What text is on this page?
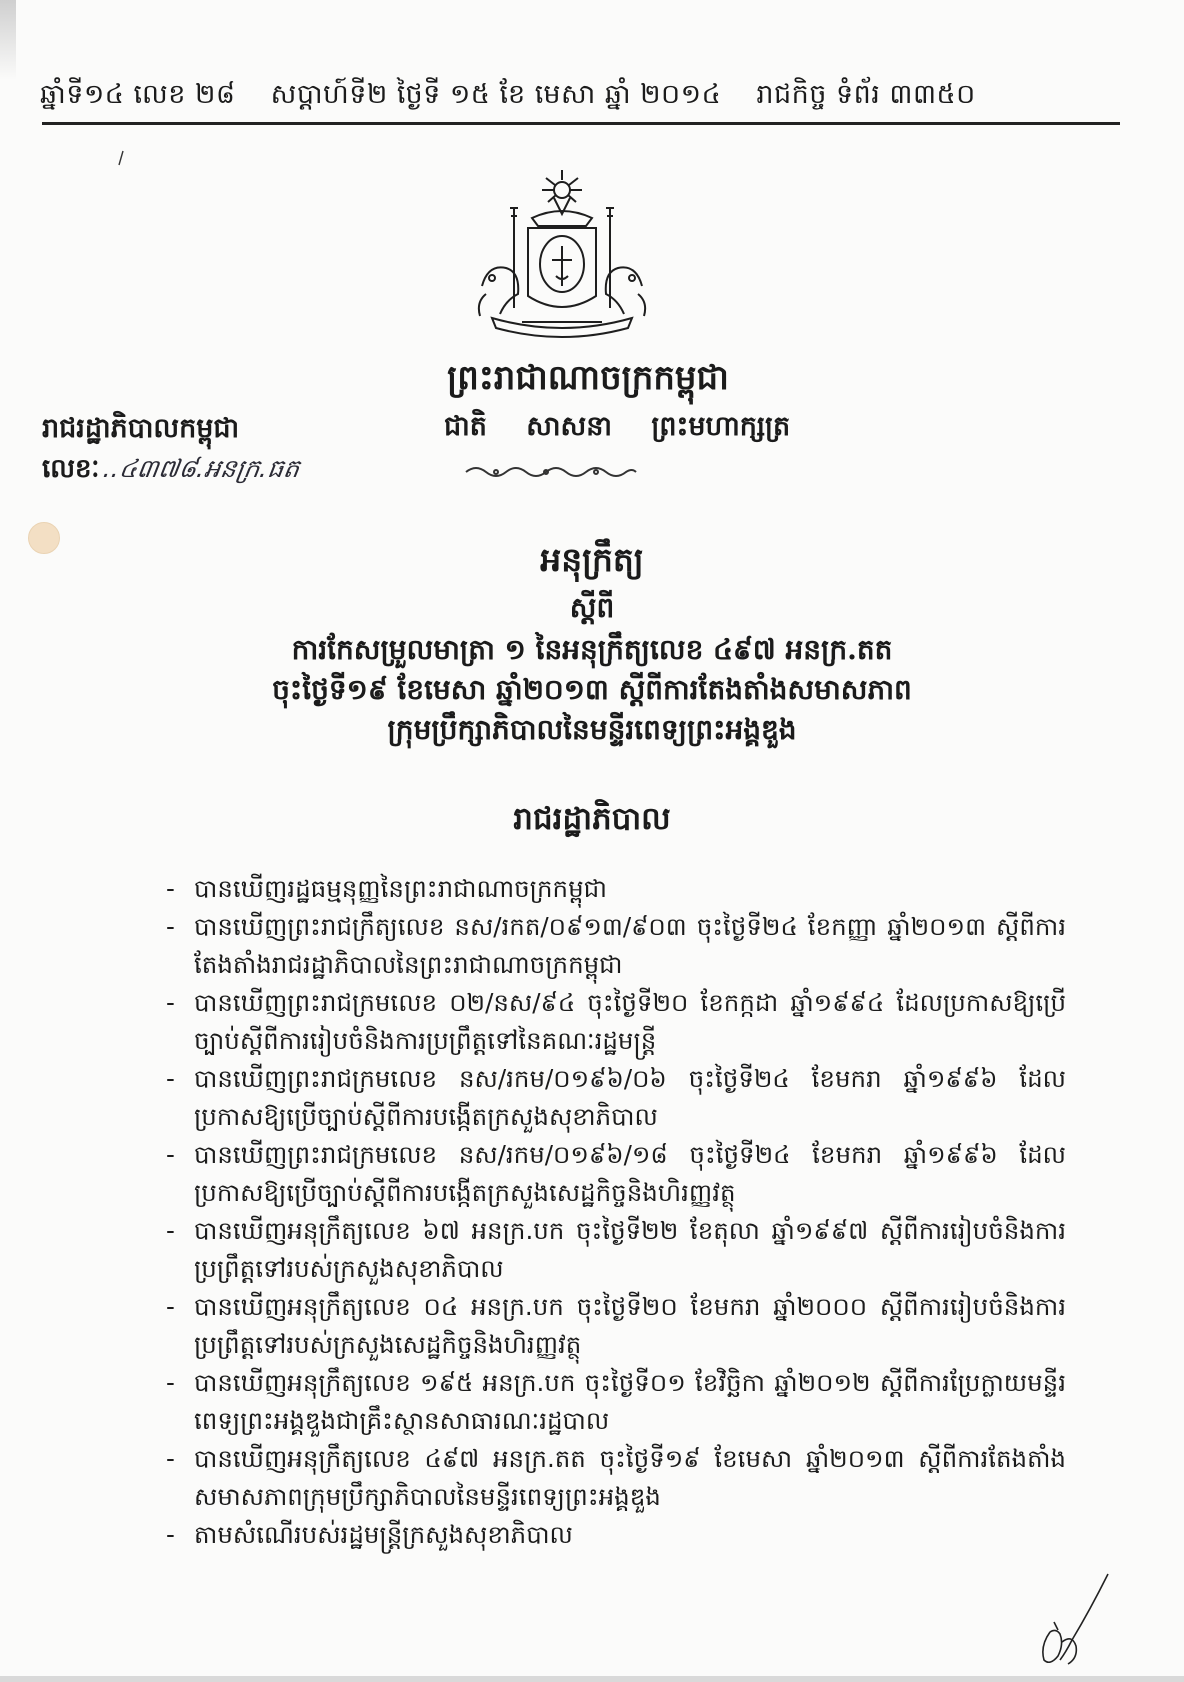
ឆ្នាំទី១៤ លេខ ២៨ សប្តាហ៍ទី២ ថ្ងៃទី ១៥ ខែ មេសា ឆ្នាំ ២០១៤ រាជកិច្ច ទំព័រ ៣៣៥០
ព្រះរាជាណាចក្រកម្ពុជា
រាជរដ្ឋាភិបាលកម្ពុជា	ជាតិ សាសនា ព្រះមហាក្សត្រ
លេខៈ ..៤៣៧៨.អនក្រ.ធត
អនុក្រឹត្យ
ស្តីពី
ការកែសម្រួលមាត្រា ១ នៃអនុក្រឹត្យលេខ ៤៩៧ អនក្រ.តត
ចុះថ្ងៃទី១៩ ខែមេសា ឆ្នាំ២០១៣ ស្តីពីការតែងតាំងសមាសភាព
ក្រុមប្រឹក្សាភិបាលនៃមន្ទីរពេទ្យព្រះអង្គឌួង
រាជរដ្ឋាភិបាល
- បានឃើញរដ្ឋធម្មនុញ្ញនៃព្រះរាជាណាចក្រកម្ពុជា
- បានឃើញព្រះរាជក្រឹត្យលេខ នស/រកត/០៩១៣/៩០៣ ចុះថ្ងៃទី២៤ ខែកញ្ញា ឆ្នាំ២០១៣ ស្តីពីការតែងតាំងរាជរដ្ឋាភិបាលនៃព្រះរាជាណាចក្រកម្ពុជា
- បានឃើញព្រះរាជក្រមលេខ ០២/នស/៩៤ ចុះថ្ងៃទី២០ ខែកក្កដា ឆ្នាំ១៩៩៤ ដែលប្រកាសឱ្យប្រើច្បាប់ស្តីពីការរៀបចំនិងការប្រព្រឹត្តទៅនៃគណៈរដ្ឋមន្ត្រី
- បានឃើញព្រះរាជក្រមលេខ នស/រកម/០១៩៦/០៦ ចុះថ្ងៃទី២៤ ខែមករា ឆ្នាំ១៩៩៦ ដែលប្រកាសឱ្យប្រើច្បាប់ស្តីពីការបង្កើតក្រសួងសុខាភិបាល
- បានឃើញព្រះរាជក្រមលេខ នស/រកម/០១៩៦/១៨ ចុះថ្ងៃទី២៤ ខែមករា ឆ្នាំ១៩៩៦ ដែលប្រកាសឱ្យប្រើច្បាប់ស្តីពីការបង្កើតក្រសួងសេដ្ឋកិច្ចនិងហិរញ្ញវត្ថុ
- បានឃើញអនុក្រឹត្យលេខ ៦៧ អនក្រ.បក ចុះថ្ងៃទី២២ ខែតុលា ឆ្នាំ១៩៩៧ ស្តីពីការរៀបចំនិងការប្រព្រឹត្តទៅរបស់ក្រសួងសុខាភិបាល
- បានឃើញអនុក្រឹត្យលេខ ០៤ អនក្រ.បក ចុះថ្ងៃទី២០ ខែមករា ឆ្នាំ២០០០ ស្តីពីការរៀបចំនិងការប្រព្រឹត្តទៅរបស់ក្រសួងសេដ្ឋកិច្ចនិងហិរញ្ញវត្ថុ
- បានឃើញអនុក្រឹត្យលេខ ១៩៥ អនក្រ.បក ចុះថ្ងៃទី០១ ខែវិច្ឆិកា ឆ្នាំ២០១២ ស្តីពីការប្រែក្លាយមន្ទីរពេទ្យព្រះអង្គឌួងជាគ្រឹះស្ថានសាធារណៈរដ្ឋបាល
- បានឃើញអនុក្រឹត្យលេខ ៤៩៧ អនក្រ.តត ចុះថ្ងៃទី១៩ ខែមេសា ឆ្នាំ២០១៣ ស្តីពីការតែងតាំងសមាសភាពក្រុមប្រឹក្សាភិបាលនៃមន្ទីរពេទ្យព្រះអង្គឌួង
- តាមសំណើរបស់រដ្ឋមន្ត្រីក្រសួងសុខាភិបាល
